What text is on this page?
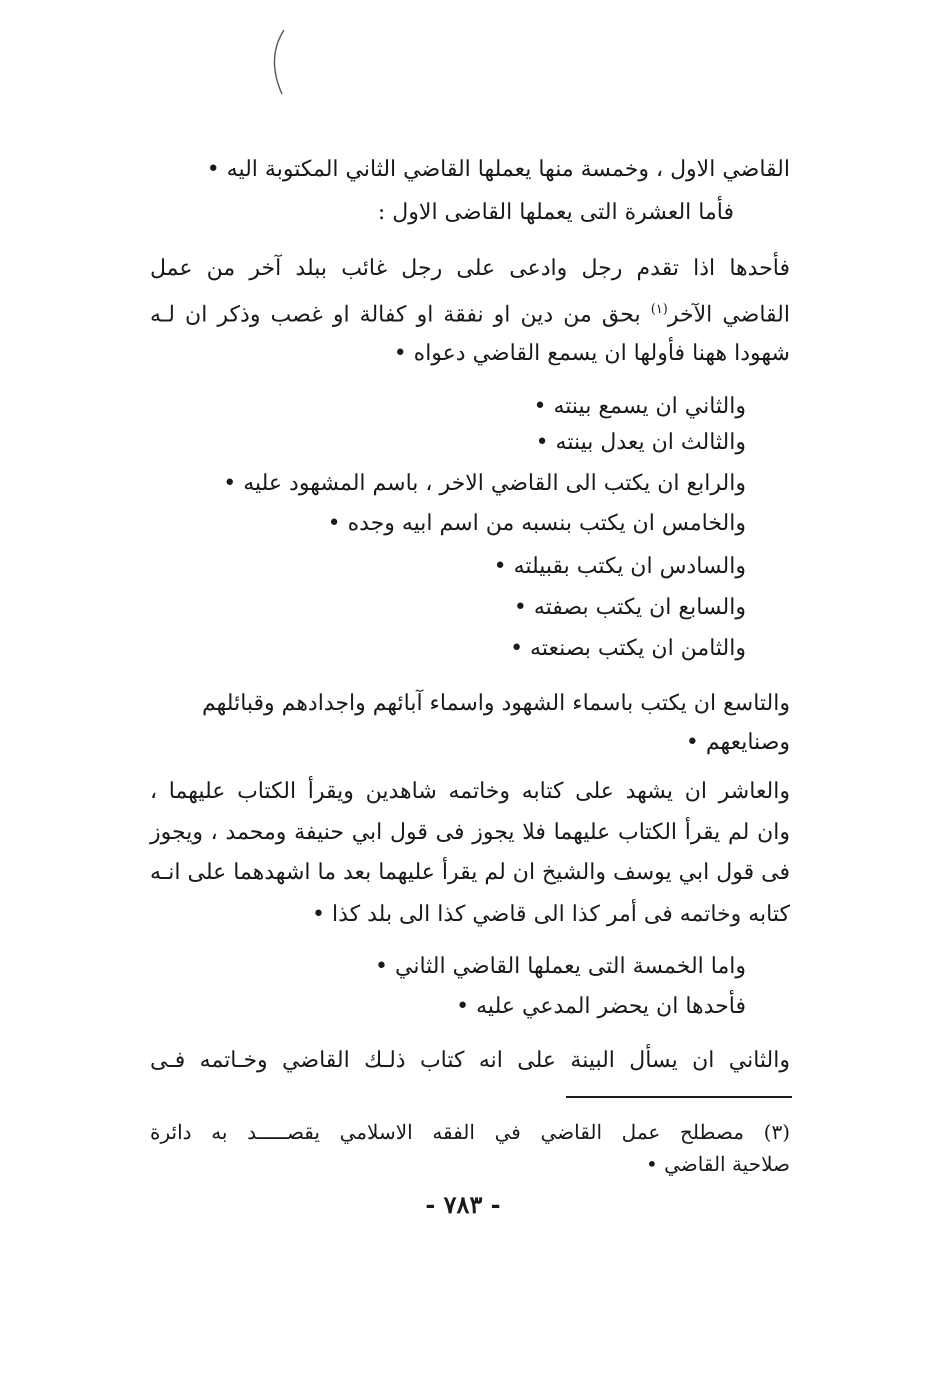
القاضي الاول ، وخمسة منها يعملها القاضي الثاني المكتوبة اليه •
فأما العشرة التى يعملها القاضى الاول :
فأحدها اذا تقدم رجل وادعى على رجل غائب ببلد آخر من عمل
القاضي الآخر$^{(١)}$ بحق من دين او نفقة او كفالة او غصب وذكر ان لـه
شهودا ههنا فأولها ان يسمع القاضي دعواه •
والثاني ان يسمع بينته •
والثالث ان يعدل بينته •
والرابع ان يكتب الى القاضي الاخر ، باسم المشهود عليه •
والخامس ان يكتب بنسبه من اسم ابيه وجده •
والسادس ان يكتب بقبيلته •
والسابع ان يكتب بصفته •
والثامن ان يكتب بصنعته •
والتاسع ان يكتب باسماء الشهود واسماء آبائهم واجدادهم وقبائلهم
وصنايعهم •
والعاشر ان يشهد على كتابه وخاتمه شاهدين ويقرأ الكتاب عليهما ،
وان لم يقرأ الكتاب عليهما فلا يجوز فى قول ابي حنيفة ومحمد ، ويجوز
فى قول ابي يوسف والشيخ ان لم يقرأ عليهما بعد ما اشهدهما على انـه
كتابه وخاتمه فى أمر كذا الى قاضي كذا الى بلد كذا •
واما الخمسة التى يعملها القاضي الثاني •
فأحدها ان يحضر المدعي عليه •
والثاني ان يسأل البينة على انه كتاب ذلـك القاضي وخـاتمه فـى
(٣) مصطلح عمل القاضي في الفقه الاسلامي يقصـــــد به دائرة
صلاحية القاضي •
- ٧٨٣ -
